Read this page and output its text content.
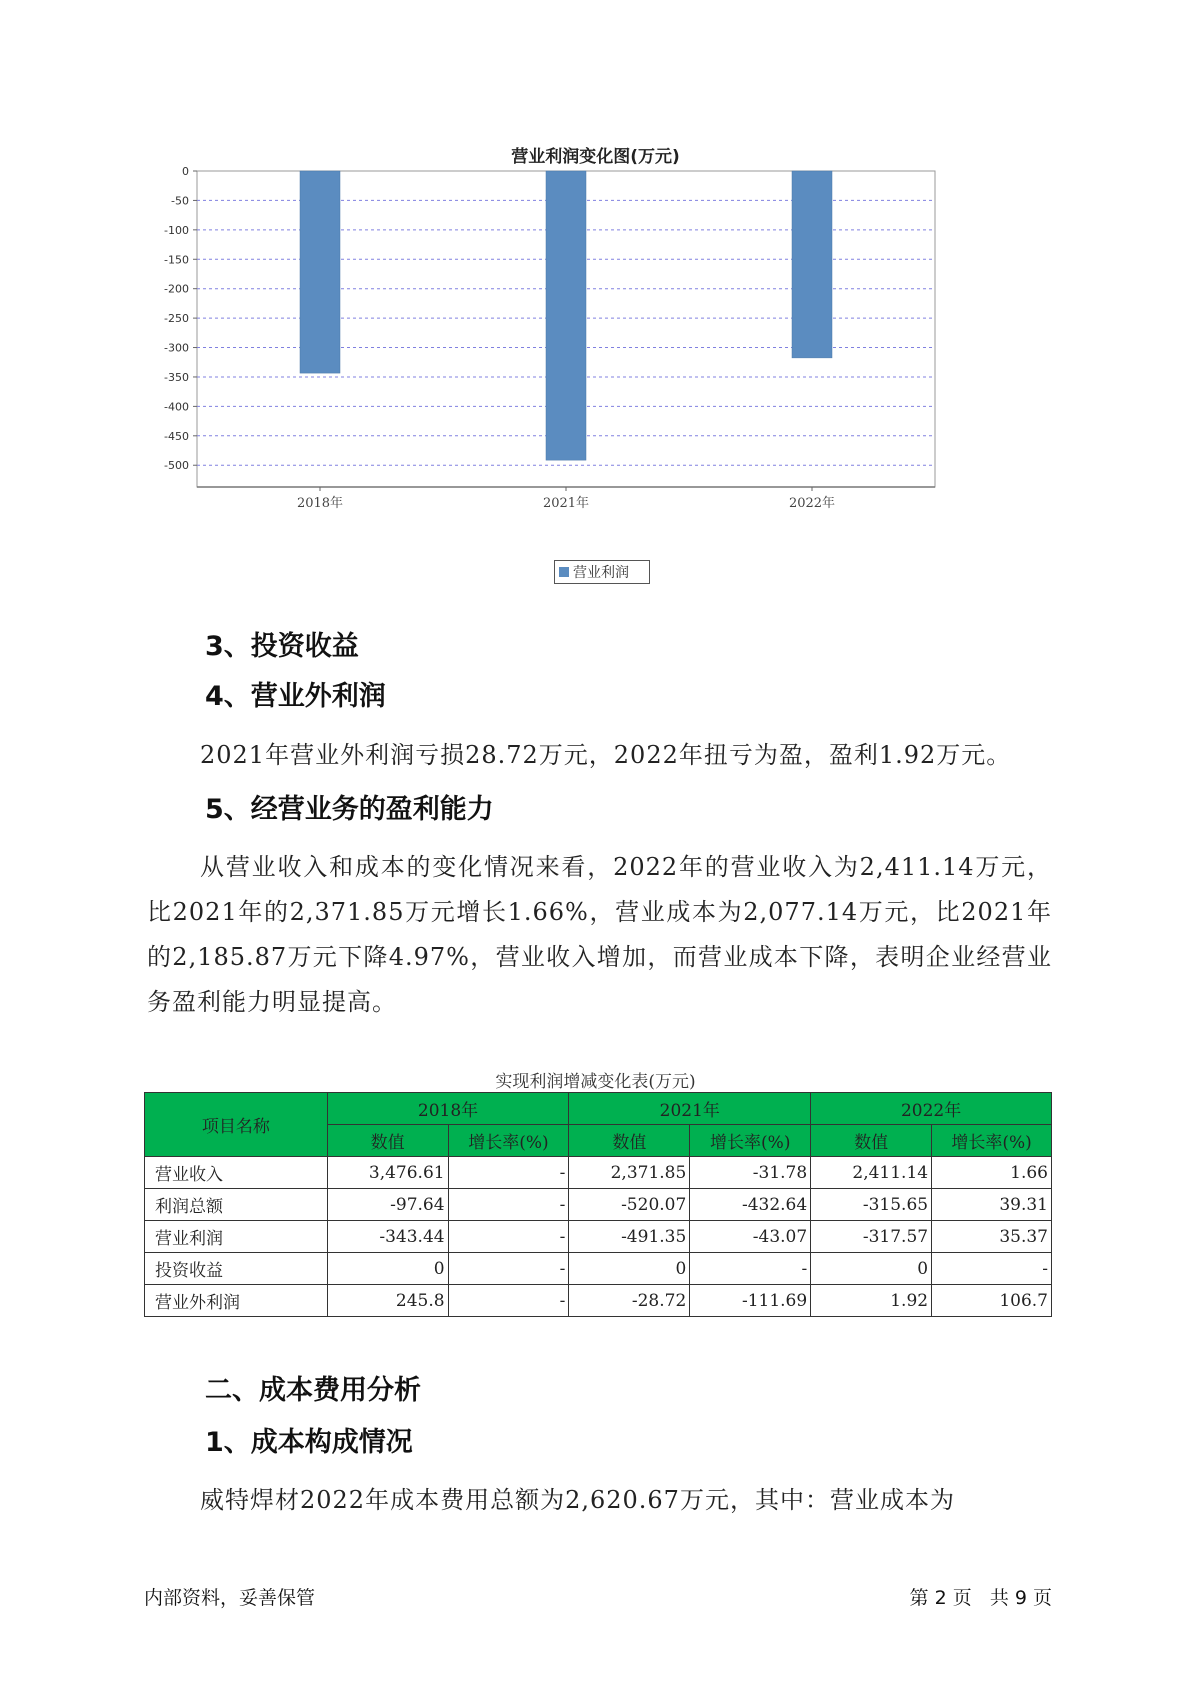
营业利润变化图(万元)
0
-50
-100
-150
-200
-250
-300
-350
-400
-450
-500
2018年	2021年	2022年
营业利润
3、投资收益
4、营业外利润
2021年营业外利润亏损28.72万元，2022年扭亏为盈，盈利1.92万元。
5、经营业务的盈利能力
从营业收入和成本的变化情况来看，2022年的营业收入为2,411.14万元，比2021年的2,371.85万元增长1.66%，营业成本为2,077.14万元，比2021年的2,185.87万元下降4.97%，营业收入增加，而营业成本下降，表明企业经营业务盈利能力明显提高。
实现利润增减变化表(万元)
项目名称	2018年		2021年		2022年	
	数值	增长率(%)	数值	增长率(%)	数值	增长率(%)
营业收入	3,476.61	-	2,371.85	-31.78	2,411.14	1.66
利润总额	-97.64	-	-520.07	-432.64	-315.65	39.31
营业利润	-343.44	-	-491.35	-43.07	-317.57	35.37
投资收益	0	-	0	-	0	-
营业外利润	245.8	-	-28.72	-111.69	1.92	106.7
二、成本费用分析
1、成本构成情况
威特焊材2022年成本费用总额为2,620.67万元，其中：营业成本为
内部资料，妥善保管	第 2 页   共 9 页
